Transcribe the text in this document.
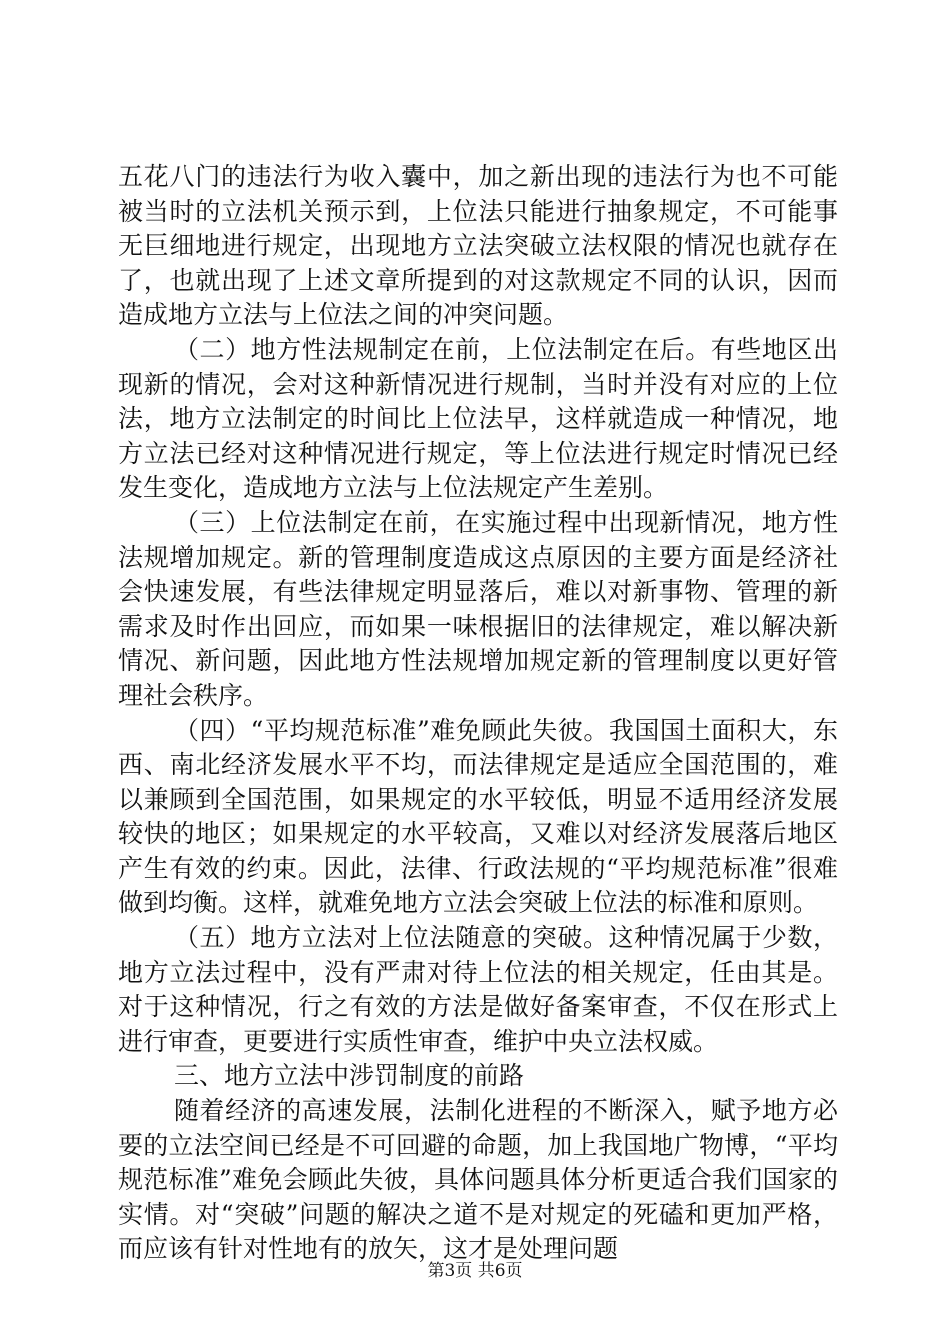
五花八门的违法行为收入囊中，加之新出现的违法行为也不可能被当时的立法机关预示到，上位法只能进行抽象规定，不可能事无巨细地进行规定，出现地方立法突破立法权限的情况也就存在了，也就出现了上述文章所提到的对这款规定不同的认识，因而造成地方立法与上位法之间的冲突问题。

（二）地方性法规制定在前，上位法制定在后。有些地区出现新的情况，会对这种新情况进行规制，当时并没有对应的上位法，地方立法制定的时间比上位法早，这样就造成一种情况，地方立法已经对这种情况进行规定，等上位法进行规定时情况已经发生变化，造成地方立法与上位法规定产生差别。

（三）上位法制定在前，在实施过程中出现新情况，地方性法规增加规定。新的管理制度造成这点原因的主要方面是经济社会快速发展，有些法律规定明显落后，难以对新事物、管理的新需求及时作出回应，而如果一味根据旧的法律规定，难以解决新情况、新问题，因此地方性法规增加规定新的管理制度以更好管理社会秩序。

（四）“平均规范标准”难免顾此失彼。我国国土面积大，东西、南北经济发展水平不均，而法律规定是适应全国范围的，难以兼顾到全国范围，如果规定的水平较低，明显不适用经济发展较快的地区；如果规定的水平较高，又难以对经济发展落后地区产生有效的约束。因此，法律、行政法规的“平均规范标准”很难做到均衡。这样，就难免地方立法会突破上位法的标准和原则。

（五）地方立法对上位法随意的突破。这种情况属于少数，地方立法过程中，没有严肃对待上位法的相关规定，任由其是。对于这种情况，行之有效的方法是做好备案审查，不仅在形式上进行审查，更要进行实质性审查，维护中央立法权威。

三、地方立法中涉罚制度的前路

随着经济的高速发展，法制化进程的不断深入，赋予地方必要的立法空间已经是不可回避的命题，加上我国地广物博，“平均规范标准”难免会顾此失彼，具体问题具体分析更适合我们国家的实情。对“突破”问题的解决之道不是对规定的死磕和更加严格，而应该有针对性地有的放矢，这才是处理问题

第3页 共6页
